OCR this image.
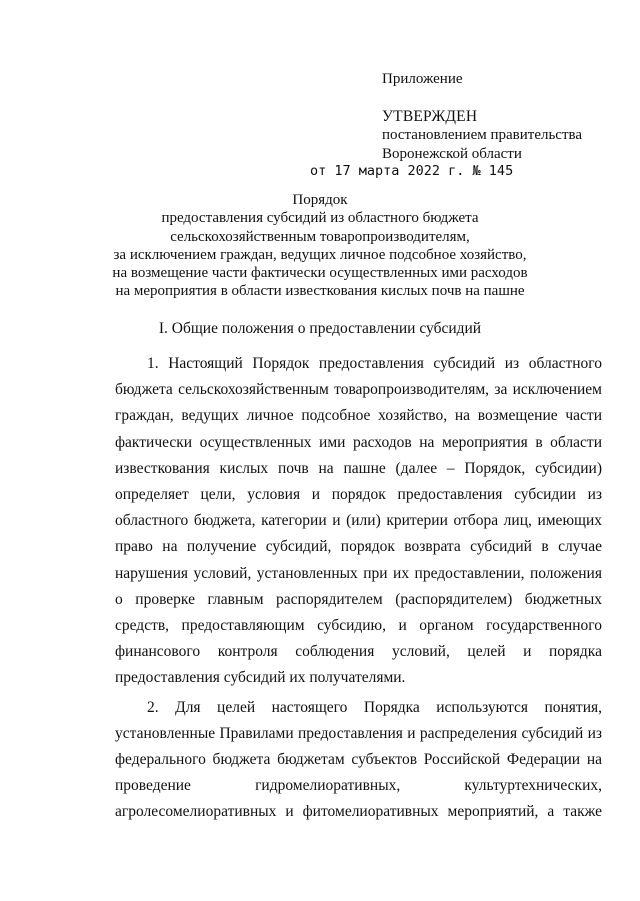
Приложение
УТВЕРЖДЕН
постановлением правительства
Воронежской области
от 17 марта 2022 г. № 145
Порядок
предоставления субсидий из областного бюджета
сельскохозяйственным товаропроизводителям,
за исключением граждан, ведущих личное подсобное хозяйство,
на возмещение части фактически осуществленных ими расходов
на мероприятия в области известкования кислых почв на пашне
I. Общие положения о предоставлении субсидий

1. Настоящий Порядок предоставления субсидий из областного бюджета сельскохозяйственным товаропроизводителям, за исключением граждан, ведущих личное подсобное хозяйство, на возмещение части фактически осуществленных ими расходов на мероприятия в области известкования кислых почв на пашне (далее – Порядок, субсидии) определяет цели, условия и порядок предоставления субсидии из областного бюджета, категории и (или) критерии отбора лиц, имеющих право на получение субсидий, порядок возврата субсидий в случае нарушения условий, установленных при их предоставлении, положения о проверке главным распорядителем (распорядителем) бюджетных средств, предоставляющим субсидию, и органом государственного финансового контроля соблюдения условий, целей и порядка предоставления субсидий их получателями.

2. Для целей настоящего Порядка используются понятия, установленные Правилами предоставления и распределения субсидий из федерального бюджета бюджетам субъектов Российской Федерации на проведение гидромелиоративных, культуртехнических, агролесомелиоративных и фитомелиоративных мероприятий, а также
